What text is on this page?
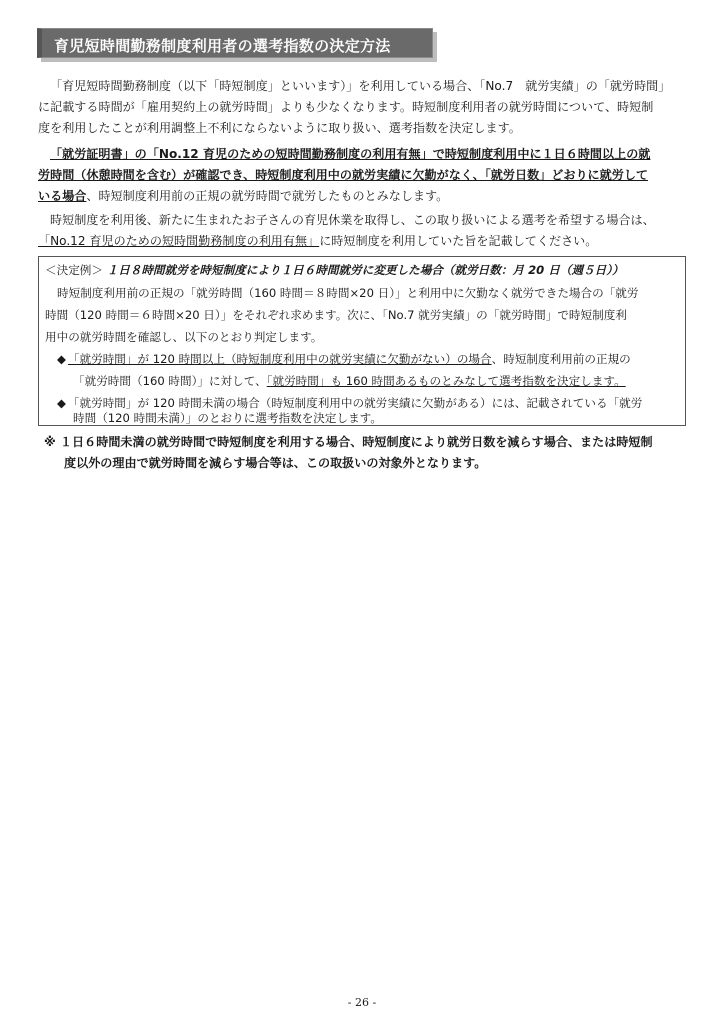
育児短時間勤務制度利用者の選考指数の決定方法
「育児短時間勤務制度（以下「時短制度」といいます）」を利用している場合、「No.7　就労実績」の「就労時間」
に記載する時間が「雇用契約上の就労時間」よりも少なくなります。時短制度利用者の就労時間について、時短制
度を利用したことが利用調整上不利にならないように取り扱い、選考指数を決定します。
「就労証明書」の「No.12 育児のための短時間勤務制度の利用有無」で時短制度利用中に１日６時間以上の就
労時間（休憩時間を含む）が確認でき、時短制度利用中の就労実績に欠勤がなく、「就労日数」どおりに就労して
いる場合、時短制度利用前の正規の就労時間で就労したものとみなします。
時短制度を利用後、新たに生まれたお子さんの育児休業を取得し、この取り扱いによる選考を希望する場合は、
「No.12 育児のための短時間勤務制度の利用有無」に時短制度を利用していた旨を記載してください。
＜決定例＞ １日８時間就労を時短制度により１日６時間就労に変更した場合（就労日数：月 20 日（週５日））
時短制度利用前の正規の「就労時間（160 時間＝８時間×20 日）」と利用中に欠勤なく就労できた場合の「就労
時間（120 時間＝６時間×20 日）」をそれぞれ求めます。次に、「No.7 就労実績」の「就労時間」で時短制度利
用中の就労時間を確認し、以下のとおり判定します。
◆ 「就労時間」が 120 時間以上（時短制度利用中の就労実績に欠勤がない）の場合、時短制度利用前の正規の
「就労時間（160 時間）」に対して、「就労時間」も 160 時間あるものとみなして選考指数を決定します。
◆ 「就労時間」が 120 時間未満の場合（時短制度利用中の就労実績に欠勤がある）には、記載されている「就労
時間（120 時間未満）」のとおりに選考指数を決定します。
※ １日６時間未満の就労時間で時短制度を利用する場合、時短制度により就労日数を減らす場合、または時短制
度以外の理由で就労時間を減らす場合等は、この取扱いの対象外となります。
- 26 -
